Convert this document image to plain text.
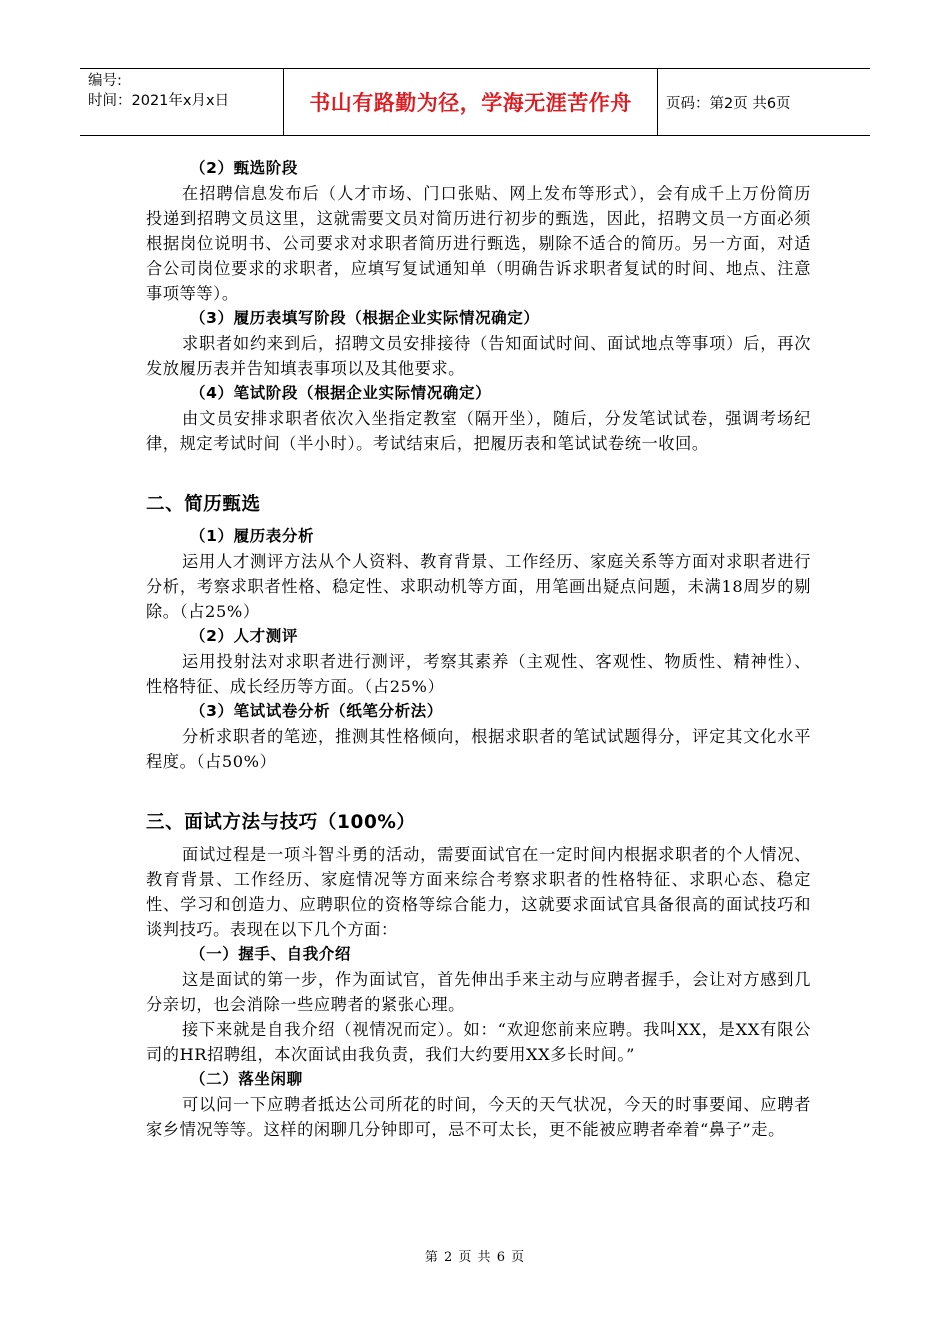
编号:
时间：2021年x月x日	书山有路勤为径，学海无涯苦作舟	页码：第2页 共6页
（2）甄选阶段
在招聘信息发布后（人才市场、门口张贴、网上发布等形式），会有成千上万份简历投递到招聘文员这里，这就需要文员对简历进行初步的甄选，因此，招聘文员一方面必须根据岗位说明书、公司要求对求职者简历进行甄选，剔除不适合的简历。另一方面，对适合公司岗位要求的求职者，应填写复试通知单（明确告诉求职者复试的时间、地点、注意事项等等）。
（3）履历表填写阶段（根据企业实际情况确定）
求职者如约来到后，招聘文员安排接待（告知面试时间、面试地点等事项）后，再次发放履历表并告知填表事项以及其他要求。
（4）笔试阶段（根据企业实际情况确定）
由文员安排求职者依次入坐指定教室（隔开坐），随后，分发笔试试卷，强调考场纪律，规定考试时间（半小时）。考试结束后，把履历表和笔试试卷统一收回。
二、简历甄选
（1）履历表分析
运用人才测评方法从个人资料、教育背景、工作经历、家庭关系等方面对求职者进行分析，考察求职者性格、稳定性、求职动机等方面，用笔画出疑点问题，未满18周岁的剔除。（占25%）
（2）人才测评
运用投射法对求职者进行测评，考察其素养（主观性、客观性、物质性、精神性）、性格特征、成长经历等方面。（占25%）
（3）笔试试卷分析（纸笔分析法）
分析求职者的笔迹，推测其性格倾向，根据求职者的笔试试题得分，评定其文化水平程度。（占50%）
三、面试方法与技巧（100%）
面试过程是一项斗智斗勇的活动，需要面试官在一定时间内根据求职者的个人情况、教育背景、工作经历、家庭情况等方面来综合考察求职者的性格特征、求职心态、稳定性、学习和创造力、应聘职位的资格等综合能力，这就要求面试官具备很高的面试技巧和谈判技巧。表现在以下几个方面：
（一）握手、自我介绍
这是面试的第一步，作为面试官，首先伸出手来主动与应聘者握手，会让对方感到几分亲切，也会消除一些应聘者的紧张心理。
接下来就是自我介绍（视情况而定）。如：“欢迎您前来应聘。我叫XX，是XX有限公司的HR招聘组，本次面试由我负责，我们大约要用XX多长时间。”
（二）落坐闲聊
可以问一下应聘者抵达公司所花的时间，今天的天气状况，今天的时事要闻、应聘者家乡情况等等。这样的闲聊几分钟即可，忌不可太长，更不能被应聘者牵着“鼻子”走。
第 2 页 共 6 页
